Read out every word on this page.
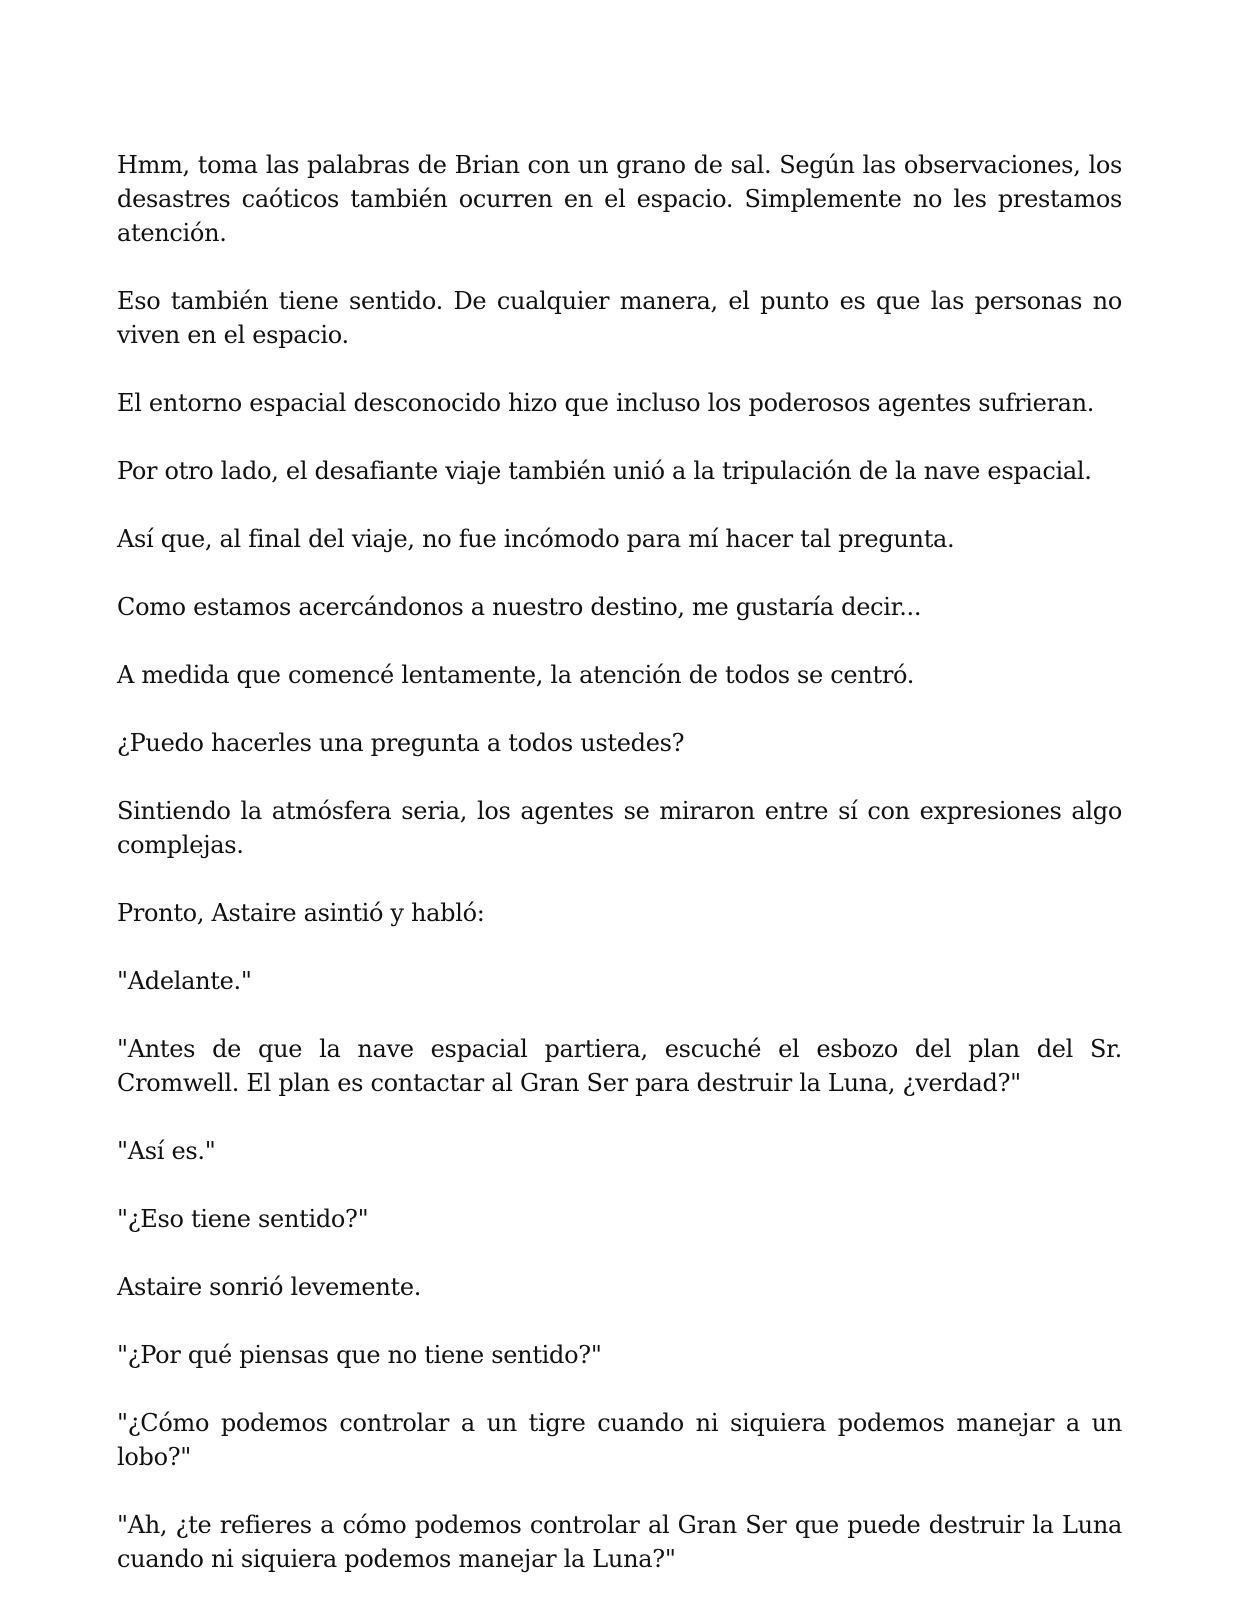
Hmm, toma las palabras de Brian con un grano de sal. Según las observaciones, los desastres caóticos también ocurren en el espacio. Simplemente no les prestamos atención.

Eso también tiene sentido. De cualquier manera, el punto es que las personas no viven en el espacio.

El entorno espacial desconocido hizo que incluso los poderosos agentes sufrieran.

Por otro lado, el desafiante viaje también unió a la tripulación de la nave espacial.

Así que, al final del viaje, no fue incómodo para mí hacer tal pregunta.

Como estamos acercándonos a nuestro destino, me gustaría decir...

A medida que comencé lentamente, la atención de todos se centró.

¿Puedo hacerles una pregunta a todos ustedes?

Sintiendo la atmósfera seria, los agentes se miraron entre sí con expresiones algo complejas.

Pronto, Astaire asintió y habló:

"Adelante."

"Antes de que la nave espacial partiera, escuché el esbozo del plan del Sr. Cromwell. El plan es contactar al Gran Ser para destruir la Luna, ¿verdad?"

"Así es."

"¿Eso tiene sentido?"

Astaire sonrió levemente.

"¿Por qué piensas que no tiene sentido?"

"¿Cómo podemos controlar a un tigre cuando ni siquiera podemos manejar a un lobo?"

"Ah, ¿te refieres a cómo podemos controlar al Gran Ser que puede destruir la Luna cuando ni siquiera podemos manejar la Luna?"
